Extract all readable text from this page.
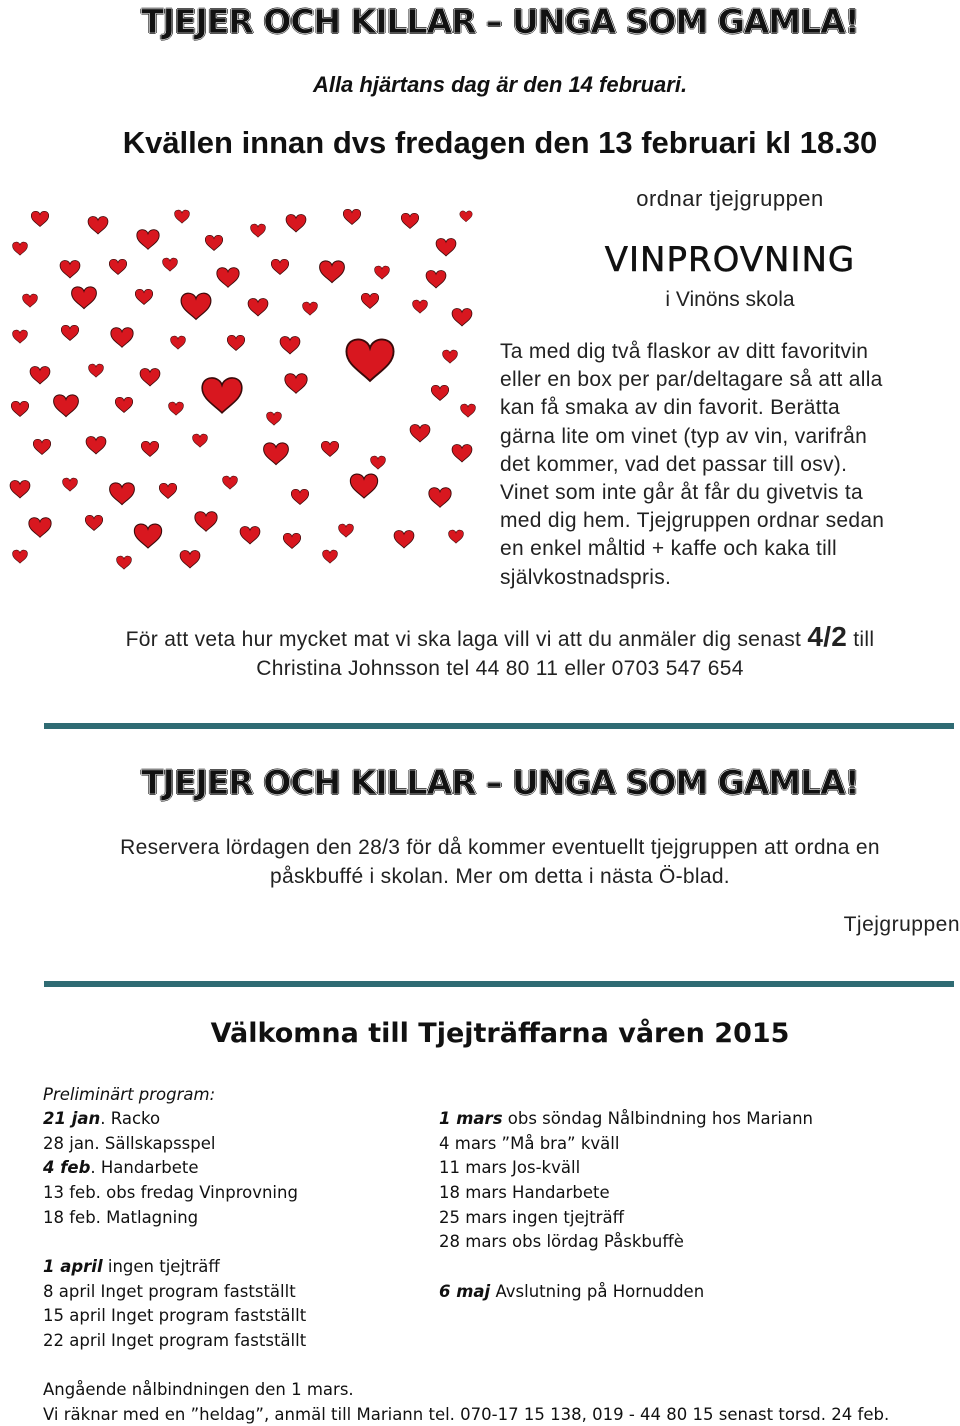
TJEJER OCH KILLAR – UNGA SOM GAMLA!
Alla hjärtans dag är den 14 februari.
Kvällen innan dvs fredagen den 13 februari kl 18.30
ordnar tjejgruppen
VINPROVNING
i Vinöns skola
Ta med dig två flaskor av ditt favoritvin
eller en box per par/deltagare så att alla
kan få smaka av din favorit. Berätta
gärna lite om vinet (typ av vin, varifrån
det kommer, vad det passar till osv).
Vinet som inte går åt får du givetvis ta
med dig hem. Tjejgruppen ordnar sedan
en enkel måltid + kaffe och kaka till
självkostnadspris.
För att veta hur mycket mat vi ska laga vill vi att du anmäler dig senast 4/2 till
Christina Johnsson tel 44 80 11 eller 0703 547 654
TJEJER OCH KILLAR – UNGA SOM GAMLA!
Reservera lördagen den 28/3 för då kommer eventuellt tjejgruppen att ordna en
påskbuffé i skolan. Mer om detta i nästa Ö-blad.
Tjejgruppen
Välkomna till Tjejträffarna våren 2015
Preliminärt program:
21 jan. Racko
28 jan. Sällskapsspel
4 feb. Handarbete
13 feb. obs fredag Vinprovning
18 feb. Matlagning
1 mars obs söndag Nålbindning hos Mariann
4 mars ”Må bra” kväll
11 mars Jos-kväll
18 mars Handarbete
25 mars ingen tjejträff
28 mars obs lördag Påskbuffè
1 april ingen tjejträff
8 april Inget program fastställt
15 april Inget program fastställt
22 april Inget program fastställt
6 maj Avslutning på Hornudden
Angående nålbindningen den 1 mars.
Vi räknar med en ”heldag”, anmäl till Mariann tel. 070-17 15 138, 019 - 44 80 15 senast torsd. 24 feb.
